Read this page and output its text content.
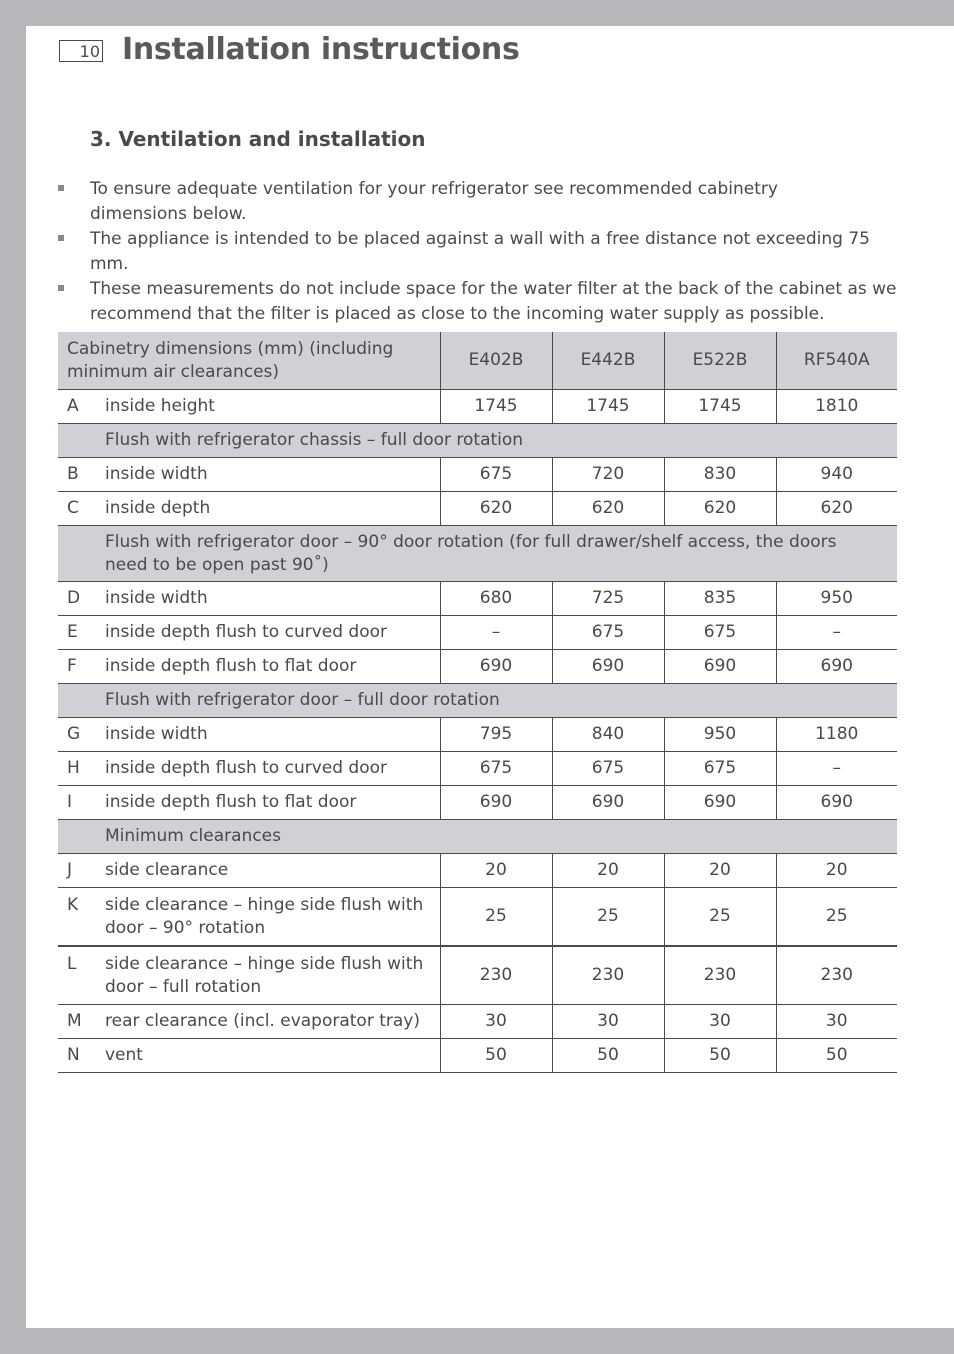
10 Installation instructions
3. Ventilation and installation
To ensure adequate ventilation for your refrigerator see recommended cabinetry dimensions below.
The appliance is intended to be placed against a wall with a free distance not exceeding 75 mm.
These measurements do not include space for the water filter at the back of the cabinet as we recommend that the filter is placed as close to the incoming water supply as possible.
Cabinetry dimensions (mm) (including minimum air clearances)	E402B	E442B	E522B	RF540A

A inside height	1745	1745	1745	1810
Flush with refrigerator chassis – full door rotation				

B inside width	675	720	830	940

C inside depth	620	620	620	620
Flush with refrigerator door – 90° door rotation (for full drawer/shelf access, the doors need to be open past 90˚)				

D inside width	680	725	835	950

E inside depth flush to curved door	–	675	675	–

F inside depth flush to flat door	690	690	690	690
Flush with refrigerator door – full door rotation				

G inside width	795	840	950	1180

H inside depth flush to curved door	675	675	675	–

I inside depth flush to flat door	690	690	690	690
Minimum clearances				

J side clearance	20	20	20	20

K side clearance – hinge side flush with door – 90° rotation	25	25	25	25

L side clearance – hinge side flush with door – full rotation	230	230	230	230

M rear clearance (incl. evaporator tray)	30	30	30	30

N vent	50	50	50	50
